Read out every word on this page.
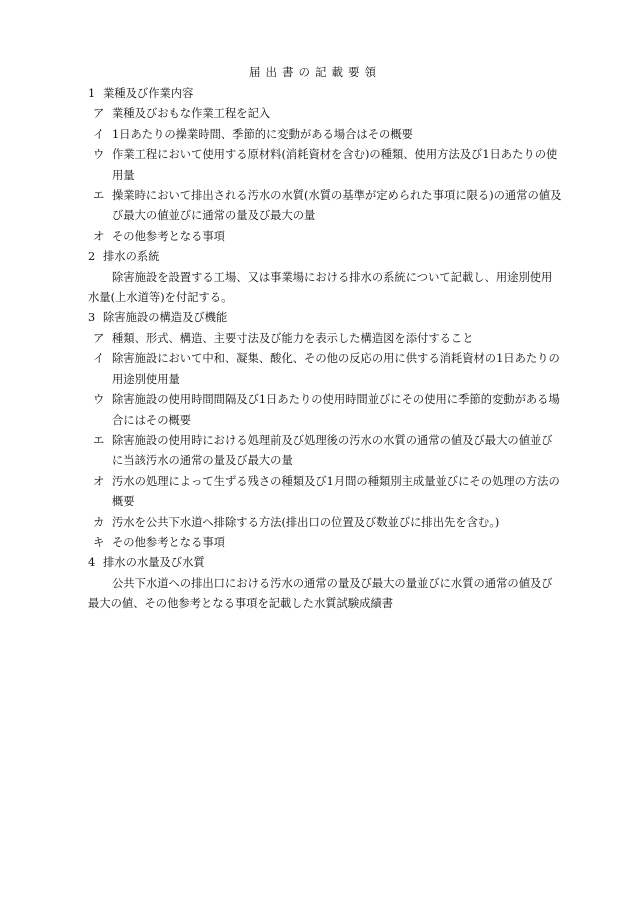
届出書の記載要領
1 業種及び作業内容
ア 業種及びおもな作業工程を記入
イ 1日あたりの操業時間、季節的に変動がある場合はその概要
ウ 作業工程において使用する原材料(消耗資材を含む)の種類、使用方法及び1日あたりの使用量
エ 操業時において排出される汚水の水質(水質の基準が定められた事項に限る)の通常の値及び最大の値並びに通常の量及び最大の量
オ その他参考となる事項
2 排水の系統
除害施設を設置する工場、又は事業場における排水の系統について記載し、用途別使用水量(上水道等)を付記する。
3 除害施設の構造及び機能
ア 種類、形式、構造、主要寸法及び能力を表示した構造図を添付すること
イ 除害施設において中和、凝集、酸化、その他の反応の用に供する消耗資材の1日あたりの用途別使用量
ウ 除害施設の使用時間間隔及び1日あたりの使用時間並びにその使用に季節的変動がある場合にはその概要
エ 除害施設の使用時における処理前及び処理後の汚水の水質の通常の値及び最大の値並びに当該汚水の通常の量及び最大の量
オ 汚水の処理によって生ずる残さの種類及び1月間の種類別主成量並びにその処理の方法の概要
カ 汚水を公共下水道へ排除する方法(排出口の位置及び数並びに排出先を含む。)
キ その他参考となる事項
4 排水の水量及び水質
公共下水道への排出口における汚水の通常の量及び最大の量並びに水質の通常の値及び最大の値、その他参考となる事項を記載した水質試験成績書
